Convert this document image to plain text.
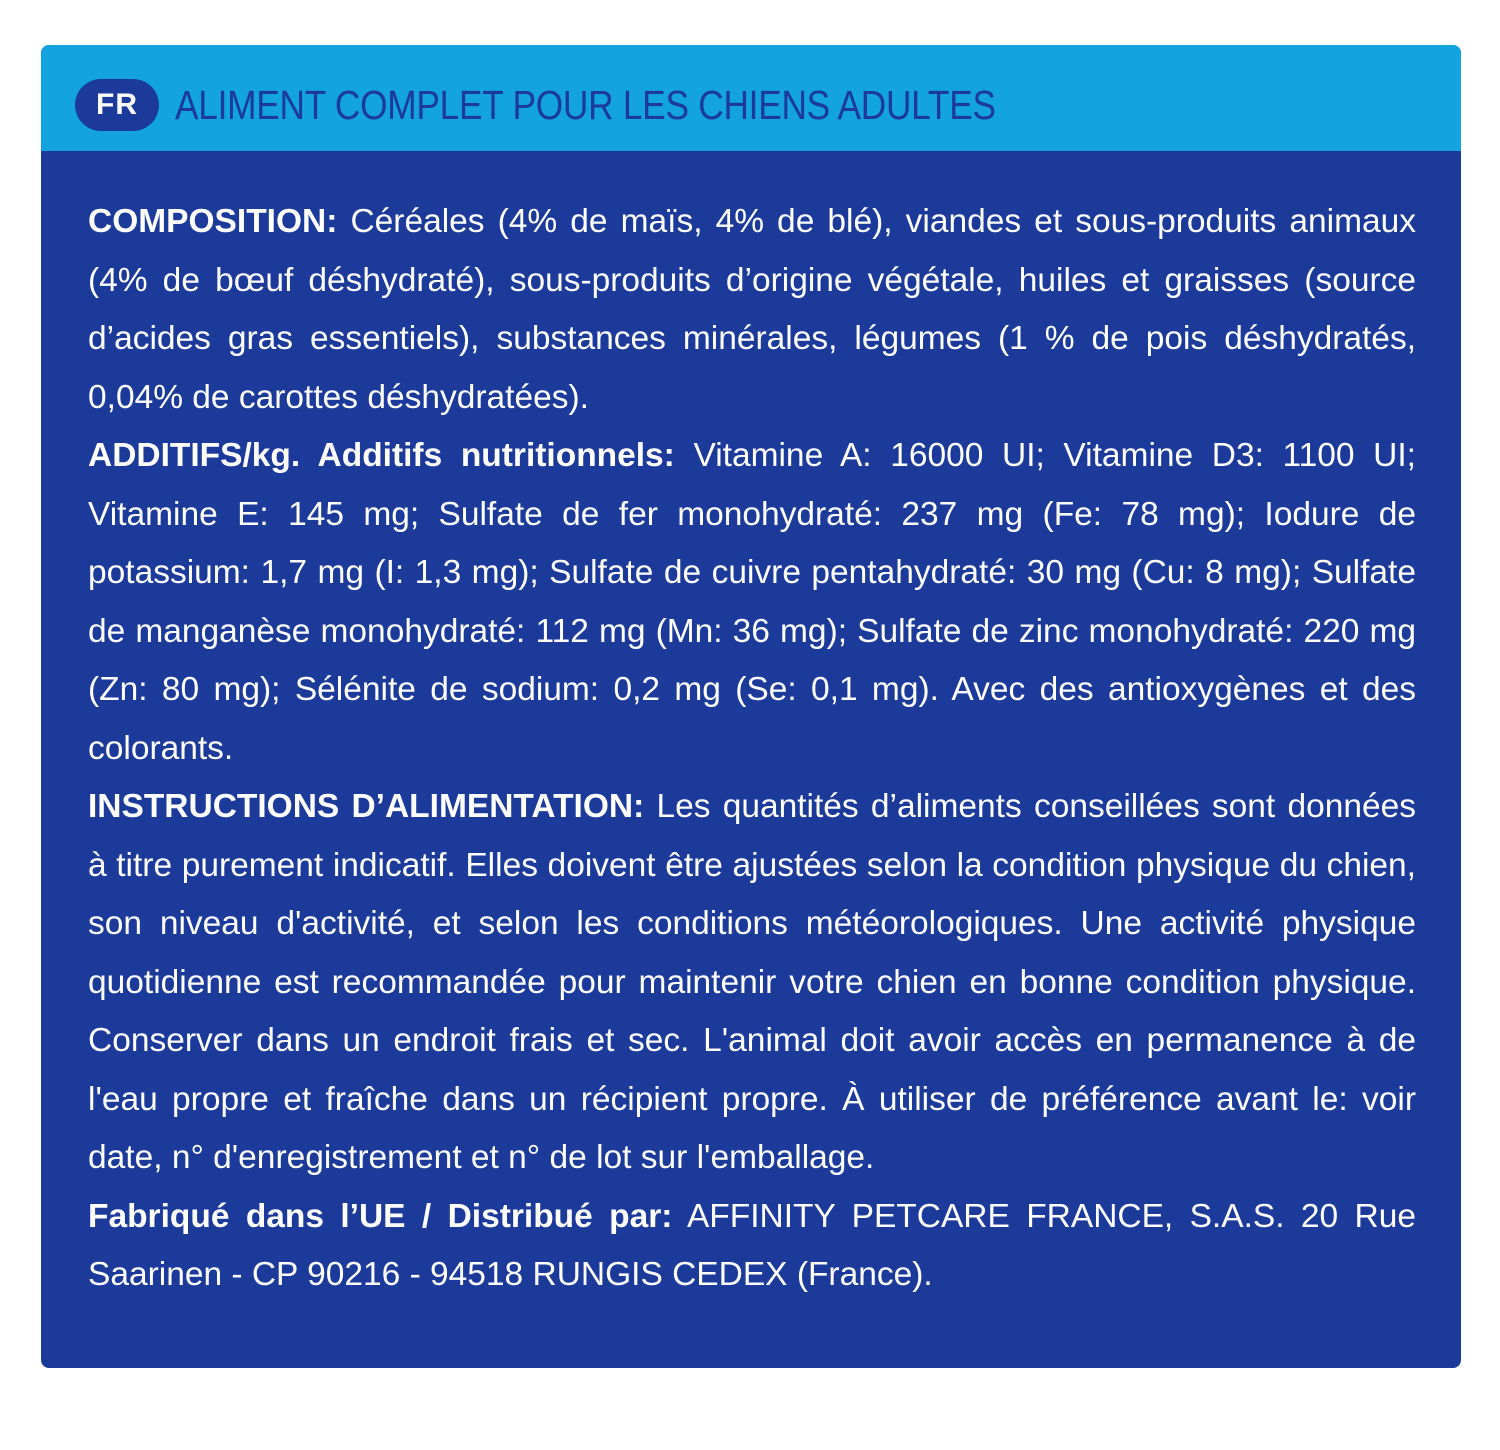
FR ALIMENT COMPLET POUR LES CHIENS ADULTES

COMPOSITION: Céréales (4% de maïs, 4% de blé), viandes et sous-produits animaux (4% de bœuf déshydraté), sous-produits d’origine végétale, huiles et graisses (source d’acides gras essentiels), substances minérales, légumes (1 % de pois déshydratés, 0,04% de carottes déshydratées).

ADDITIFS/kg. Additifs nutritionnels: Vitamine A: 16000 UI; Vitamine D3: 1100 UI; Vitamine E: 145 mg; Sulfate de fer monohydraté: 237 mg (Fe: 78 mg); Iodure de potassium: 1,7 mg (I: 1,3 mg); Sulfate de cuivre pentahydraté: 30 mg (Cu: 8 mg); Sulfate de manganèse monohydraté: 112 mg (Mn: 36 mg); Sulfate de zinc monohydraté: 220 mg (Zn: 80 mg); Sélénite de sodium: 0,2 mg (Se: 0,1 mg). Avec des antioxygènes et des colorants.

INSTRUCTIONS D’ALIMENTATION: Les quantités d’aliments conseillées sont données à titre purement indicatif. Elles doivent être ajustées selon la condition physique du chien, son niveau d'activité, et selon les conditions météorologiques. Une activité physique quotidienne est recommandée pour maintenir votre chien en bonne condition physique. Conserver dans un endroit frais et sec. L'animal doit avoir accès en permanence à de l'eau propre et fraîche dans un récipient propre. À utiliser de préférence avant le: voir date, n° d'enregistrement et n° de lot sur l'emballage.

Fabriqué dans l’UE / Distribué par: AFFINITY PETCARE FRANCE, S.A.S. 20 Rue Saarinen - CP 90216 - 94518 RUNGIS CEDEX (France).
